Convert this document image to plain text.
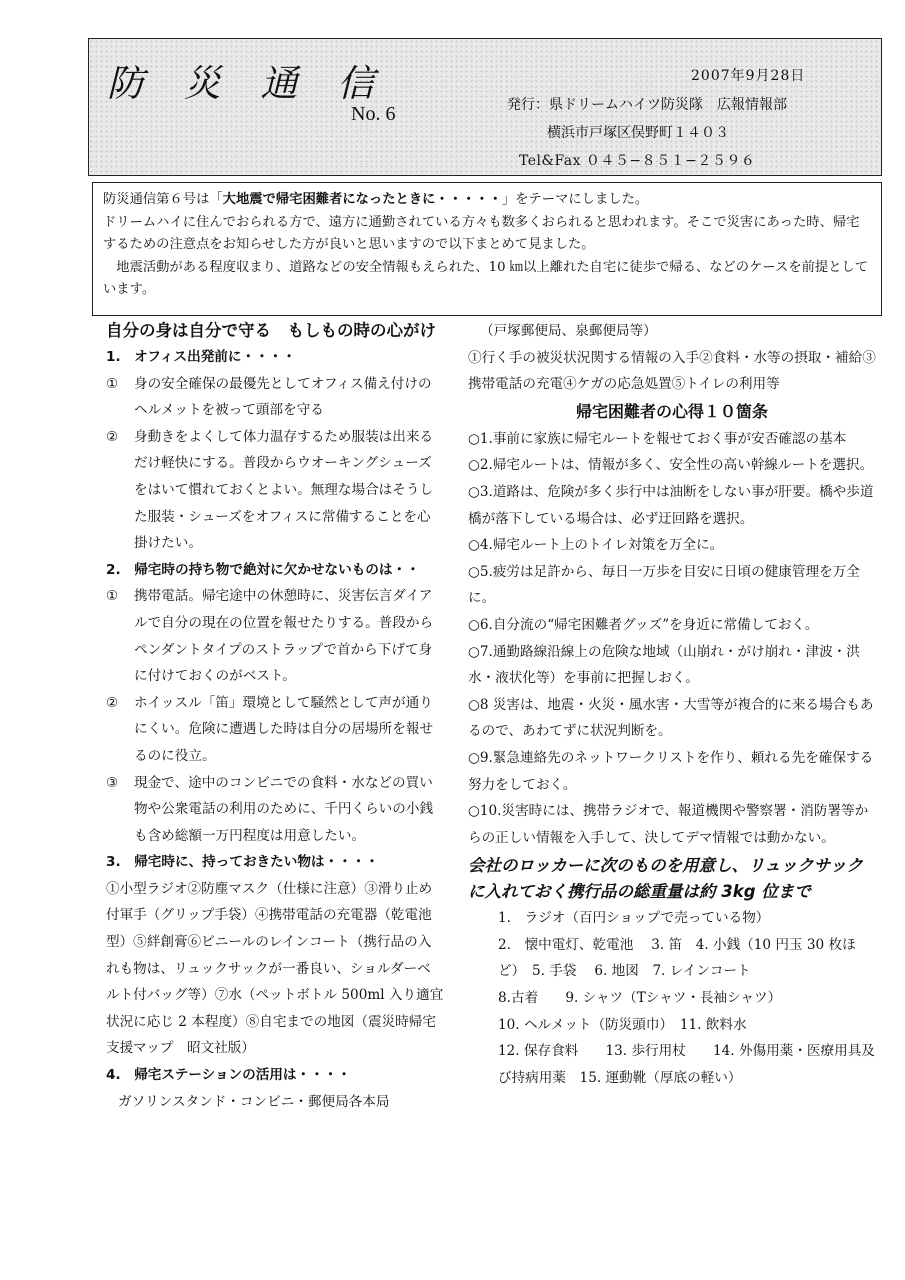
防 災 通 信
No. 6
2007年9月28日
発行：県ドリームハイツ防災隊　広報情報部
横浜市戸塚区俣野町１４０３
Tel&Fax ０４５−８５１−２５９６

防災通信第６号は「大地震で帰宅困難者になったときに・・・・・」をテーマにしました。

ドリームハイに住んでおられる方で、遠方に通勤されている方々も数多くおられると思われます。そこで災害にあった時、帰宅するための注意点をお知らせした方が良いと思いますので以下まとめて見ました。

　地震活動がある程度収まり、道路などの安全情報もえられた、10 ㎞以上離れた自宅に徒歩で帰る、などのケースを前提としています。

自分の身は自分で守る　もしもの時の心がけ
1.　オフィス出発前に・・・・
①	身の安全確保の最優先としてオフィス備え付けのヘルメットを被って頭部を守る
②	身動きをよくして体力温存するため服装は出来るだけ軽快にする。普段からウオーキングシューズをはいて慣れておくとよい。無理な場合はそうした服装・シューズをオフィスに常備することを心掛けたい。
2.　帰宅時の持ち物で絶対に欠かせないものは・・
①	携帯電話。帰宅途中の休憩時に、災害伝言ダイアルで自分の現在の位置を報せたりする。普段からペンダントタイプのストラップで首から下げて身に付けておくのがベスト。
②	ホイッスル「笛」環境として騒然として声が通りにくい。危険に遭遇した時は自分の居場所を報せるのに役立。
③	現金で、途中のコンビニでの食料・水などの買い物や公衆電話の利用のために、千円くらいの小銭も含め総額一万円程度は用意したい。
3.　帰宅時に、持っておきたい物は・・・・
①小型ラジオ②防塵マスク（仕様に注意）③滑り止め付軍手（グリップ手袋）④携帯電話の充電器（乾電池型）⑤絆創膏⑥ビニールのレインコート（携行品の入れも物は、リュックサックが一番良い、ショルダーベルト付バッグ等）⑦水（ペットボトル 500ml 入り適宜状況に応じ 2 本程度）⑧自宅までの地図（震災時帰宅支援マップ　昭文社版）
4.　帰宅ステーションの活用は・・・・
ガソリンスタンド・コンビニ・郵便局各本局
（戸塚郵便局、泉郵便局等）
①行く手の被災状況関する情報の入手②食料・水等の摂取・補給③携帯電話の充電④ケガの応急処置⑤トイレの利用等
帰宅困難者の心得１０箇条
○1.事前に家族に帰宅ルートを報せておく事が安否確認の基本
○2.帰宅ルートは、情報が多く、安全性の高い幹線ルートを選択。
○3.道路は、危険が多く歩行中は油断をしない事が肝要。橋や歩道橋が落下している場合は、必ず迂回路を選択。
○4.帰宅ルート上のトイレ対策を万全に。
○5.疲労は足許から、毎日一万歩を目安に日頃の健康管理を万全に。
○6.自分流の“帰宅困難者グッズ”を身近に常備しておく。
○7.通勤路線沿線上の危険な地域（山崩れ・がけ崩れ・津波・洪水・液状化等）を事前に把握しおく。
○8 災害は、地震・火災・風水害・大雪等が複合的に来る場合もあるので、あわてずに状況判断を。
○9.緊急連絡先のネットワークリストを作り、頼れる先を確保する努力をしておく。
○10.災害時には、携帯ラジオで、報道機関や警察署・消防署等からの正しい情報を入手して、決してデマ情報では動かない。
会社のロッカーに次のものを用意し、リュックサックに入れておく携行品の総重量は約 3kg 位まで
1.　ラジオ（百円ショップで売っている物）
2.　懐中電灯、乾電池　 3. 笛　4. 小銭（10 円玉 30 枚ほど）　5. 手袋　 6. 地図　7. レインコート
8.古着　　9. シャツ（Tシャツ・長袖シャツ）
10. ヘルメット（防災頭巾）　11. 飲料水
12. 保存食料　　13. 歩行用杖　　14. 外傷用薬・医療用具及び持病用薬　15. 運動靴（厚底の軽い）
